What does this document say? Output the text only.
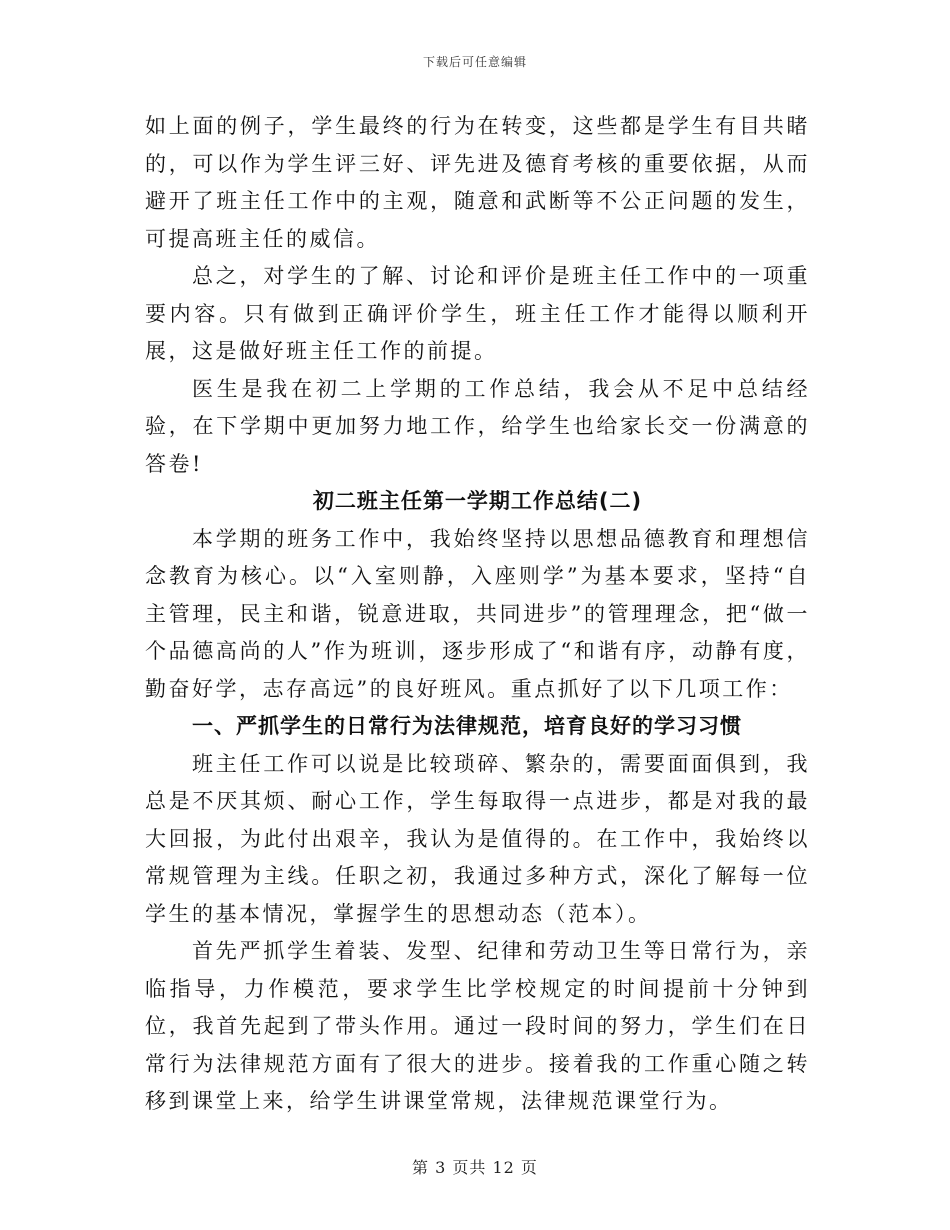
下载后可任意编辑

如上面的例子，学生最终的行为在转变，这些都是学生有目共睹的，可以作为学生评三好、评先进及德育考核的重要依据，从而避开了班主任工作中的主观，随意和武断等不公正问题的发生，可提高班主任的威信。

总之，对学生的了解、讨论和评价是班主任工作中的一项重要内容。只有做到正确评价学生，班主任工作才能得以顺利开展，这是做好班主任工作的前提。

医生是我在初二上学期的工作总结，我会从不足中总结经验，在下学期中更加努力地工作，给学生也给家长交一份满意的答卷!

初二班主任第一学期工作总结(二)

本学期的班务工作中，我始终坚持以思想品德教育和理想信念教育为核心。以“入室则静，入座则学”为基本要求，坚持“自主管理，民主和谐，锐意进取，共同进步”的管理理念，把“做一个品德高尚的人”作为班训，逐步形成了“和谐有序，动静有度，勤奋好学，志存高远”的良好班风。重点抓好了以下几项工作：

一、严抓学生的日常行为法律规范，培育良好的学习习惯

班主任工作可以说是比较琐碎、繁杂的，需要面面俱到，我总是不厌其烦、耐心工作，学生每取得一点进步，都是对我的最大回报，为此付出艰辛，我认为是值得的。在工作中，我始终以常规管理为主线。任职之初，我通过多种方式，深化了解每一位学生的基本情况，掌握学生的思想动态（范本）。

首先严抓学生着装、发型、纪律和劳动卫生等日常行为，亲临指导，力作模范，要求学生比学校规定的时间提前十分钟到位，我首先起到了带头作用。通过一段时间的努力，学生们在日常行为法律规范方面有了很大的进步。接着我的工作重心随之转移到课堂上来，给学生讲课堂常规，法律规范课堂行为。

第 3 页共 12 页
